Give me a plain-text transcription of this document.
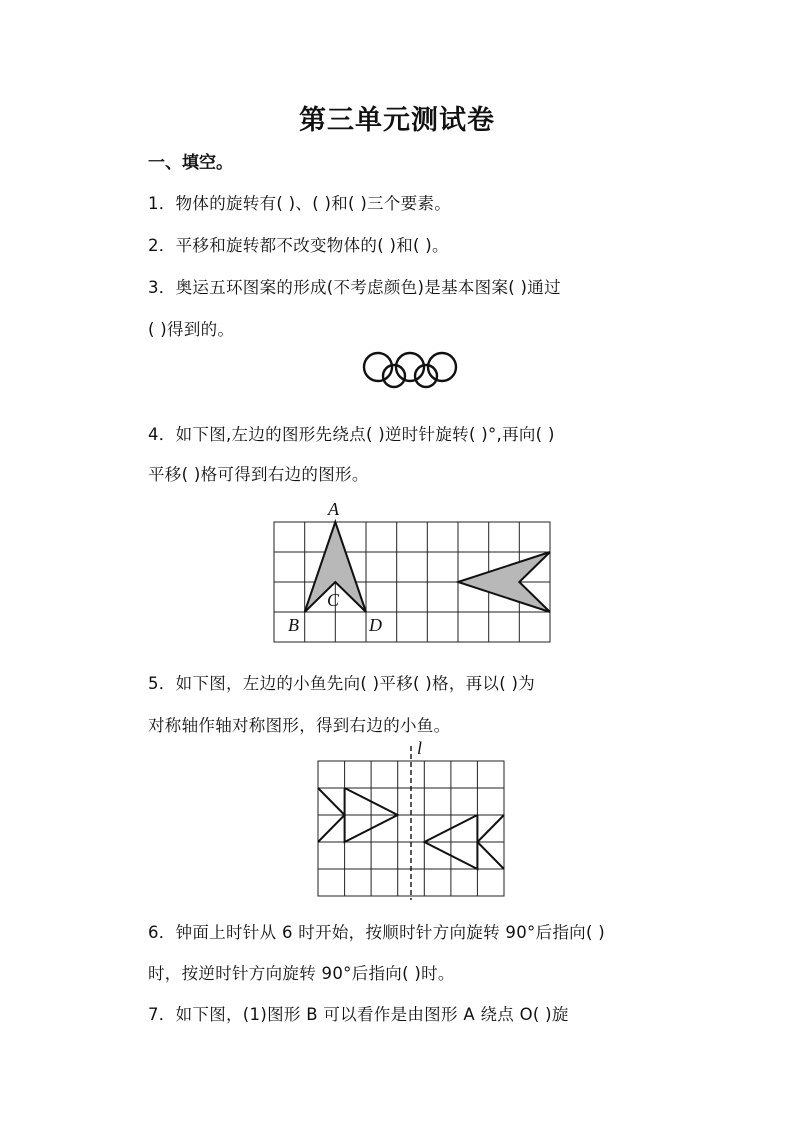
第三单元测试卷
一、填空。
1．物体的旋转有( )、( )和( )三个要素。
2．平移和旋转都不改变物体的( )和( )。
3．奥运五环图案的形成(不考虑颜色)是基本图案( )通过
( )得到的。
4．如下图,左边的图形先绕点( )逆时针旋转( )°,再向( )
平移( )格可得到右边的图形。
A
B
C
D
5．如下图，左边的小鱼先向( )平移( )格，再以( )为
对称轴作轴对称图形，得到右边的小鱼。
l
6．钟面上时针从 6 时开始，按顺时针方向旋转 90°后指向( )
时，按逆时针方向旋转 90°后指向( )时。
7．如下图，(1)图形 B 可以看作是由图形 A 绕点 O( )旋
